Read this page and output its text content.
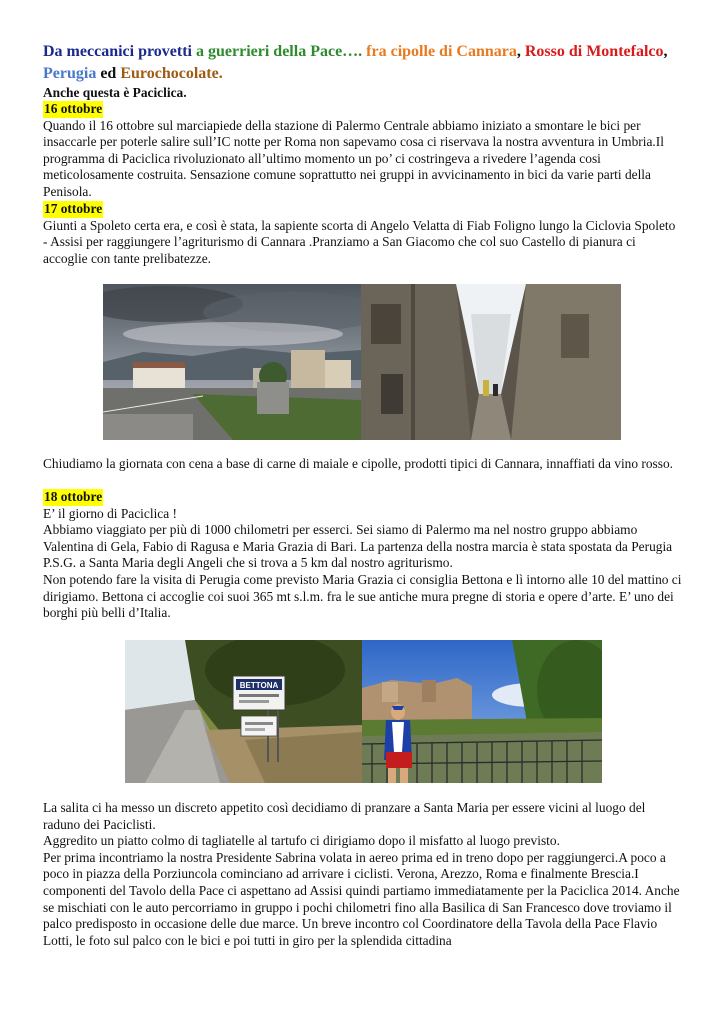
Da meccanici provetti a guerrieri della Pace…. fra cipolle di Cannara, Rosso di Montefalco, Perugia ed Eurochocolate.
Anche questa è Paciclica.
16 ottobre

Quando il 16 ottobre sul marciapiede della stazione di Palermo Centrale abbiamo iniziato a smontare le bici per insaccarle per poterle salire sull’IC notte per Roma non sapevamo cosa ci riservava la nostra avventura in Umbria.Il programma di Paciclica rivoluzionato all’ultimo momento un po’ ci costringeva a rivedere l’agenda cosi meticolosamente costruita. Sensazione comune soprattutto nei gruppi in avvicinamento in bici da varie parti della Penisola.

17 ottobre

Giunti a Spoleto certa era, e così è stata, la sapiente scorta di Angelo Velatta di Fiab Foligno lungo la Ciclovia Spoleto - Assisi per raggiungere l’agriturismo di Cannara .Pranziamo a San Giacomo che col suo Castello di pianura ci accoglie con tante prelibatezze.

Chiudiamo la giornata con cena a base di carne di maiale e cipolle, prodotti tipici di Cannara, innaffiati da vino rosso.
18 ottobre

E’ il giorno di Paciclica !

Abbiamo viaggiato per più di 1000 chilometri per esserci. Sei siamo di Palermo ma nel nostro gruppo abbiamo Valentina di Gela, Fabio di Ragusa e Maria Grazia di Bari. La partenza della nostra marcia è stata spostata da Perugia P.S.G. a Santa Maria degli Angeli che si trova a 5 km dal nostro agriturismo.

Non potendo fare la visita di Perugia come previsto Maria Grazia ci consiglia Bettona e lì intorno alle 10 del mattino ci dirigiamo. Bettona ci accoglie coi suoi 365 mt s.l.m. fra le sue antiche mura pregne di storia e opere d’arte. E’ uno dei borghi più belli d’Italia.

BETTONA

La salita ci ha messo un discreto appetito così decidiamo di pranzare a Santa Maria per essere vicini al luogo del raduno dei Paciclisti.

Aggredito un piatto colmo di tagliatelle al tartufo ci dirigiamo dopo il misfatto al luogo previsto.

Per prima incontriamo la nostra Presidente Sabrina volata in aereo prima ed in treno dopo per raggiungerci.A poco a poco in piazza della Porziuncola cominciano ad arrivare i ciclisti. Verona, Arezzo, Roma e finalmente Brescia.I componenti del Tavolo della Pace ci aspettano ad Assisi quindi partiamo immediatamente per la Paciclica 2014. Anche se mischiati con le auto percorriamo in gruppo i pochi chilometri fino alla Basilica di San Francesco dove troviamo il palco predisposto in occasione delle due marce. Un breve incontro col Coordinatore della Tavola della Pace Flavio Lotti, le foto sul palco con le bici e poi tutti in giro per la splendida cittadina
